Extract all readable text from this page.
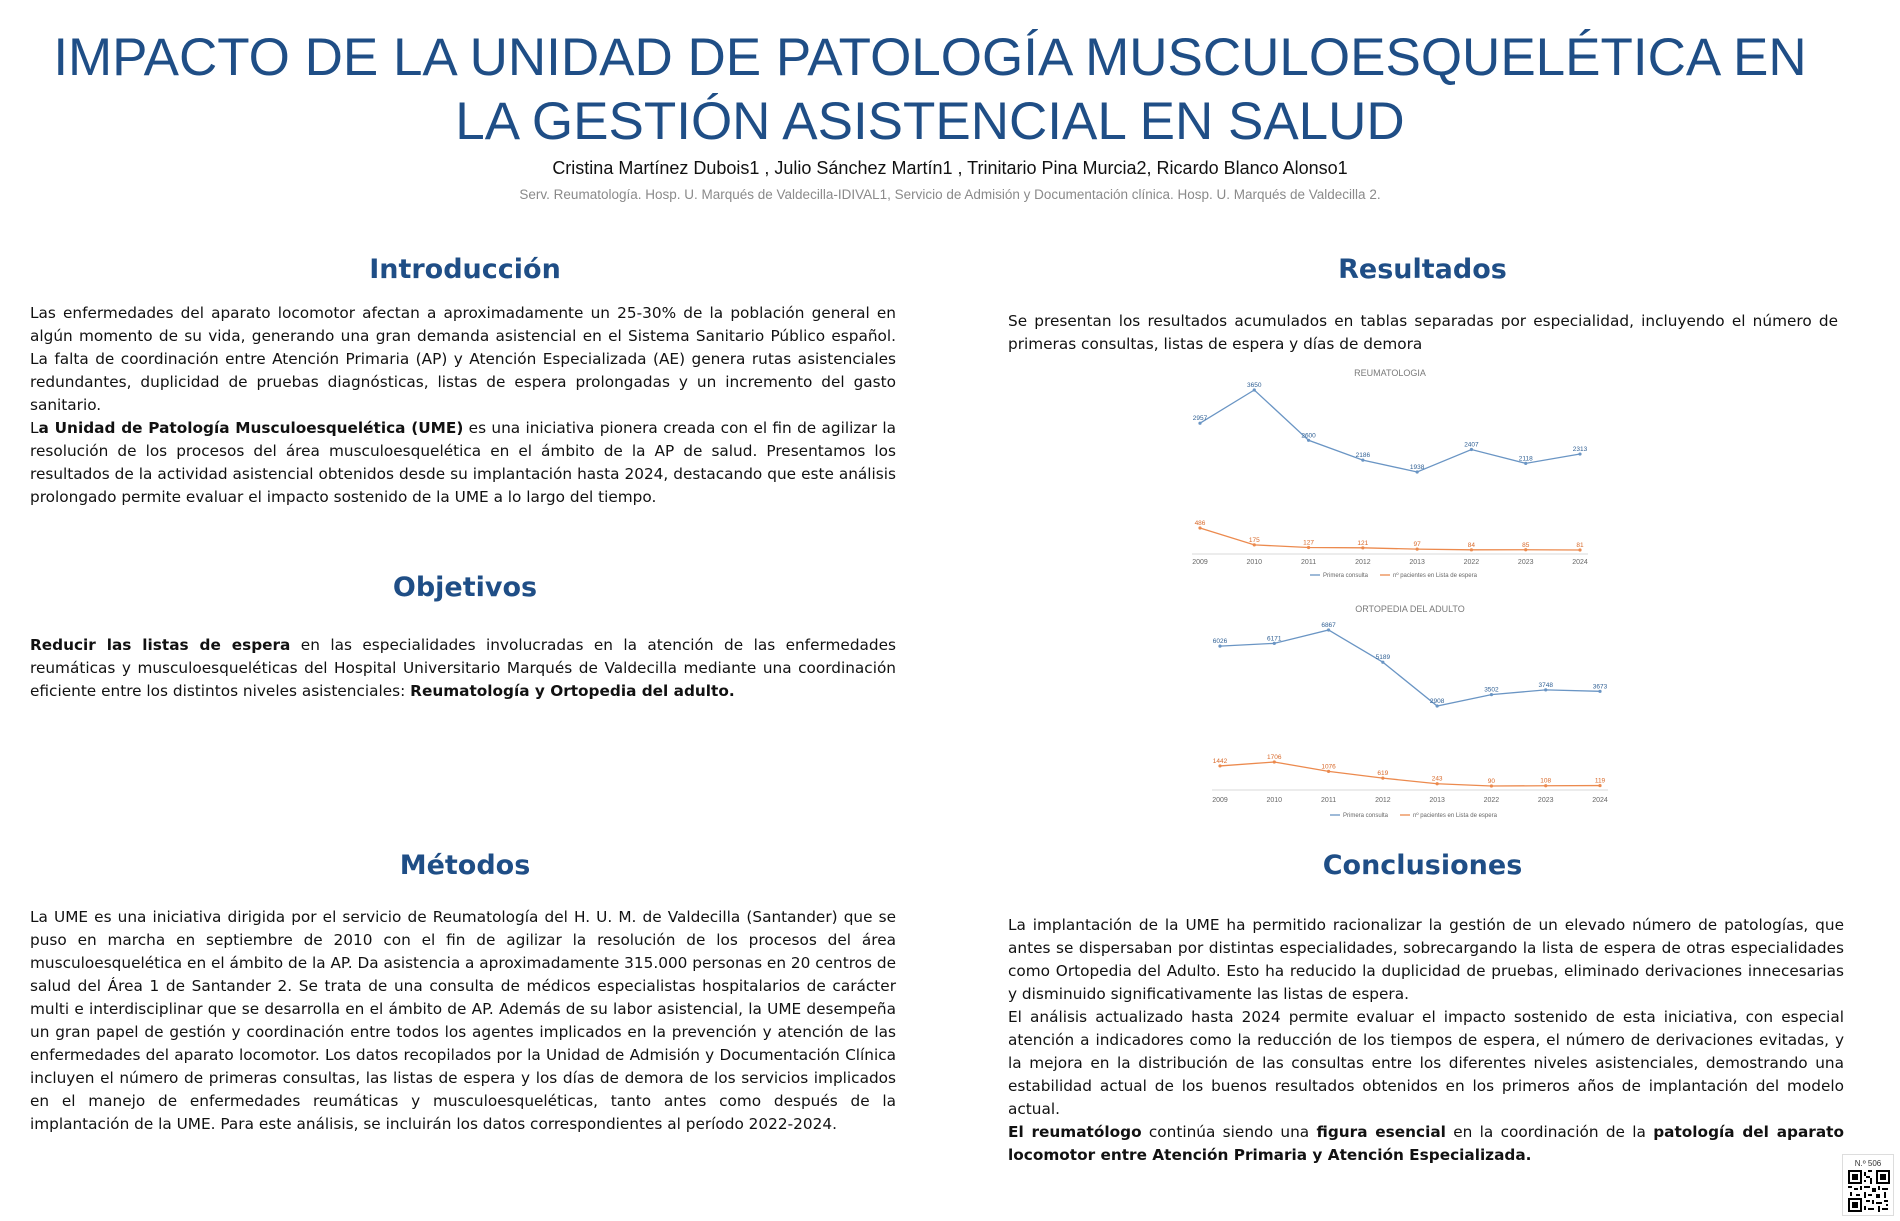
IMPACTO DE LA UNIDAD DE PATOLOGÍA MUSCULOESQUELÉTICA EN
LA GESTIÓN ASISTENCIAL EN SALUD
Cristina Martínez Dubois1 , Julio Sánchez Martín1 , Trinitario Pina Murcia2, Ricardo Blanco Alonso1
Serv. Reumatología. Hosp. U. Marqués de Valdecilla-IDIVAL1, Servicio de Admisión y Documentación clínica. Hosp. U. Marqués de Valdecilla 2.
Introducción

Las enfermedades del aparato locomotor afectan a aproximadamente un 25-30% de la población general en algún momento de su vida, generando una gran demanda asistencial en el Sistema Sanitario Público español. La falta de coordinación entre Atención Primaria (AP) y Atención Especializada (AE) genera rutas asistenciales redundantes, duplicidad de pruebas diagnósticas, listas de espera prolongadas y un incremento del gasto sanitario.

La Unidad de Patología Musculoesquelética (UME) es una iniciativa pionera creada con el fin de agilizar la resolución de los procesos del área musculoesquelética en el ámbito de la AP de salud. Presentamos los resultados de la actividad asistencial obtenidos desde su implantación hasta 2024, destacando que este análisis prolongado permite evaluar el impacto sostenido de la UME a lo largo del tiempo.

Objetivos

Reducir las listas de espera en las especialidades involucradas en la atención de las enfermedades reumáticas y musculoesqueléticas del Hospital Universitario Marqués de Valdecilla mediante una coordinación eficiente entre los distintos niveles asistenciales: Reumatología y Ortopedia del adulto.

Métodos
La UME es una iniciativa dirigida por el servicio de Reumatología del H. U. M. de Valdecilla (Santander) que se puso en marcha en septiembre de 2010 con el fin de agilizar la resolución de los procesos del área musculoesquelética en el ámbito de la AP. Da asistencia a aproximadamente 315.000 personas en 20 centros de salud del Área 1 de Santander 2. Se trata de una consulta de médicos especialistas hospitalarios de carácter multi e interdisciplinar que se desarrolla en el ámbito de AP. Además de su labor asistencial, la UME desempeña un gran papel de gestión y coordinación entre todos los agentes implicados en la prevención y atención de las enfermedades del aparato locomotor. Los datos recopilados por la Unidad de Admisión y Documentación Clínica incluyen el número de primeras consultas, las listas de espera y los días de demora de los servicios implicados en el manejo de enfermedades reumáticas y musculoesqueléticas, tanto antes como después de la implantación de la UME. Para este análisis, se incluirán los datos correspondientes al período 2022-2024.
Resultados
Se presentan los resultados acumulados en tablas separadas por especialidad, incluyendo el número de primeras consultas, listas de espera y días de demora
REUMATOLOGIA
2957
3650
2600
2186
1938
2407
2118
2313
486
175	127	121	97	84	85	81
2009	2010	2011	2012	2013	2022	2023	2024
Primera consulta	nº pacientes en Lista de espera
ORTOPEDIA DEL ADULTO
6026	6171
6867
5189
2908
3502
3748	3673
1442
1706
1076
619
243	90	108	119
2009	2010	2011	2012	2013	2022	2023	2024
Primera consulta	nº pacientes en Lista de espera
Conclusiones

La implantación de la UME ha permitido racionalizar la gestión de un elevado número de patologías, que antes se dispersaban por distintas especialidades, sobrecargando la lista de espera de otras especialidades como Ortopedia del Adulto. Esto ha reducido la duplicidad de pruebas, eliminado derivaciones innecesarias y disminuido significativamente las listas de espera.

El análisis actualizado hasta 2024 permite evaluar el impacto sostenido de esta iniciativa, con especial atención a indicadores como la reducción de los tiempos de espera, el número de derivaciones evitadas, y la mejora en la distribución de las consultas entre los diferentes niveles asistenciales, demostrando una estabilidad actual de los buenos resultados obtenidos en los primeros años de implantación del modelo actual.

El reumatólogo continúa siendo una figura esencial en la coordinación de la patología del aparato locomotor entre Atención Primaria y Atención Especializada.	N.º 506
